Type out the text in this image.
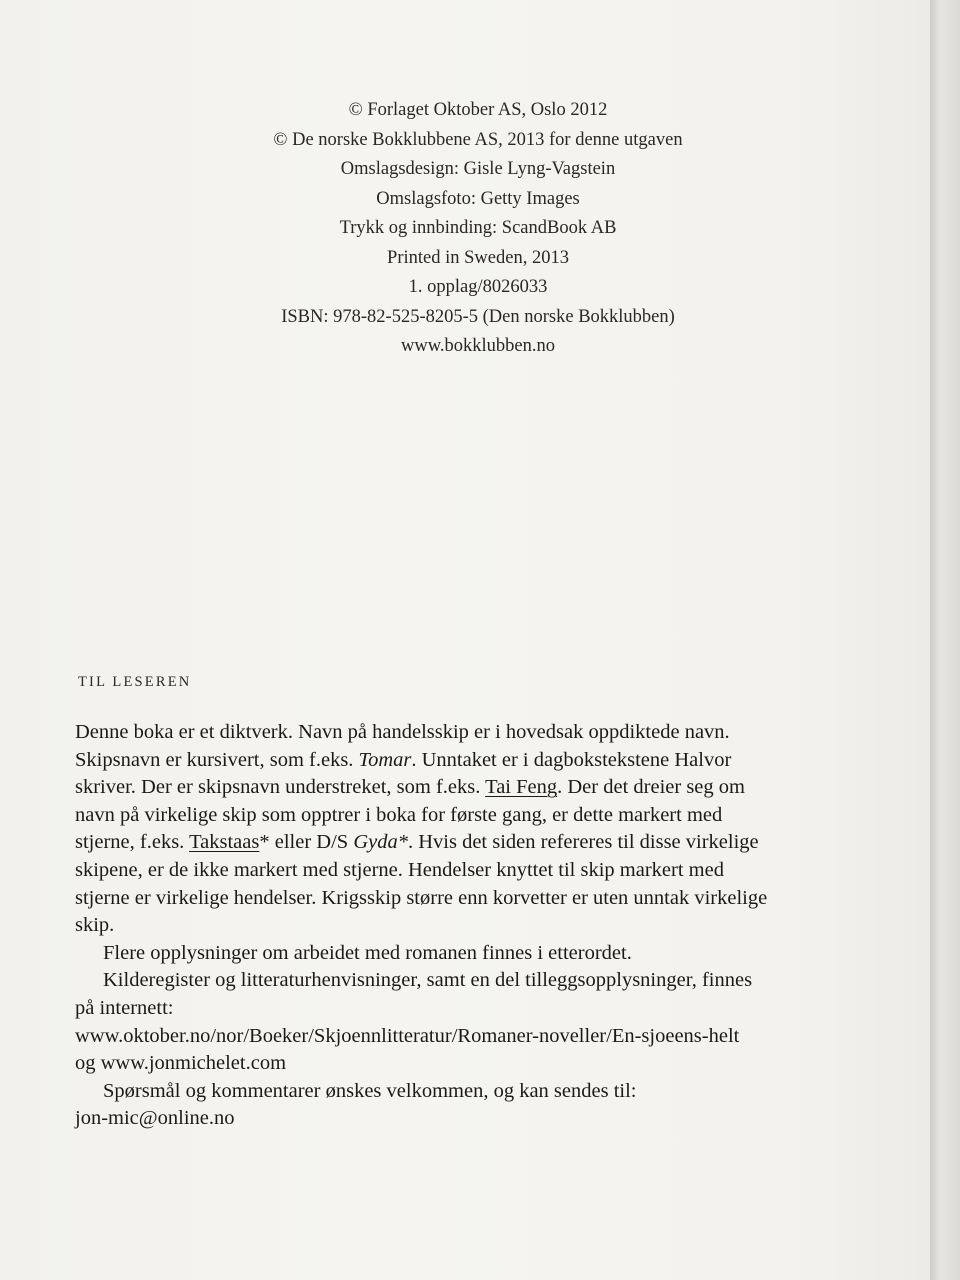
© Forlaget Oktober AS, Oslo 2012
© De norske Bokklubbene AS, 2013 for denne utgaven
Omslagsdesign: Gisle Lyng-Vagstein
Omslagsfoto: Getty Images
Trykk og innbinding: ScandBook AB
Printed in Sweden, 2013
1. opplag/8026033
ISBN: 978-82-525-8205-5 (Den norske Bokklubben)
www.bokklubben.no
TIL LESEREN
Denne boka er et diktverk. Navn på handelsskip er i hovedsak oppdiktede navn.
Skipsnavn er kursivert, som f.eks. Tomar. Unntaket er i dagbokstekstene Halvor
skriver. Der er skipsnavn understreket, som f.eks. Tai Feng. Der det dreier seg om
navn på virkelige skip som opptrer i boka for første gang, er dette markert med
stjerne, f.eks. Takstaas* eller D/S Gyda*. Hvis det siden refereres til disse virkelige
skipene, er de ikke markert med stjerne. Hendelser knyttet til skip markert med
stjerne er virkelige hendelser. Krigsskip større enn korvetter er uten unntak virkelige
skip.
Flere opplysninger om arbeidet med romanen finnes i etterordet.
Kilderegister og litteraturhenvisninger, samt en del tilleggsopplysninger, finnes
på internett:
www.oktober.no/nor/Boeker/Skjoennlitteratur/Romaner-noveller/En-sjoeens-helt
og www.jonmichelet.com
Spørsmål og kommentarer ønskes velkommen, og kan sendes til:
jon-mic@online.no
